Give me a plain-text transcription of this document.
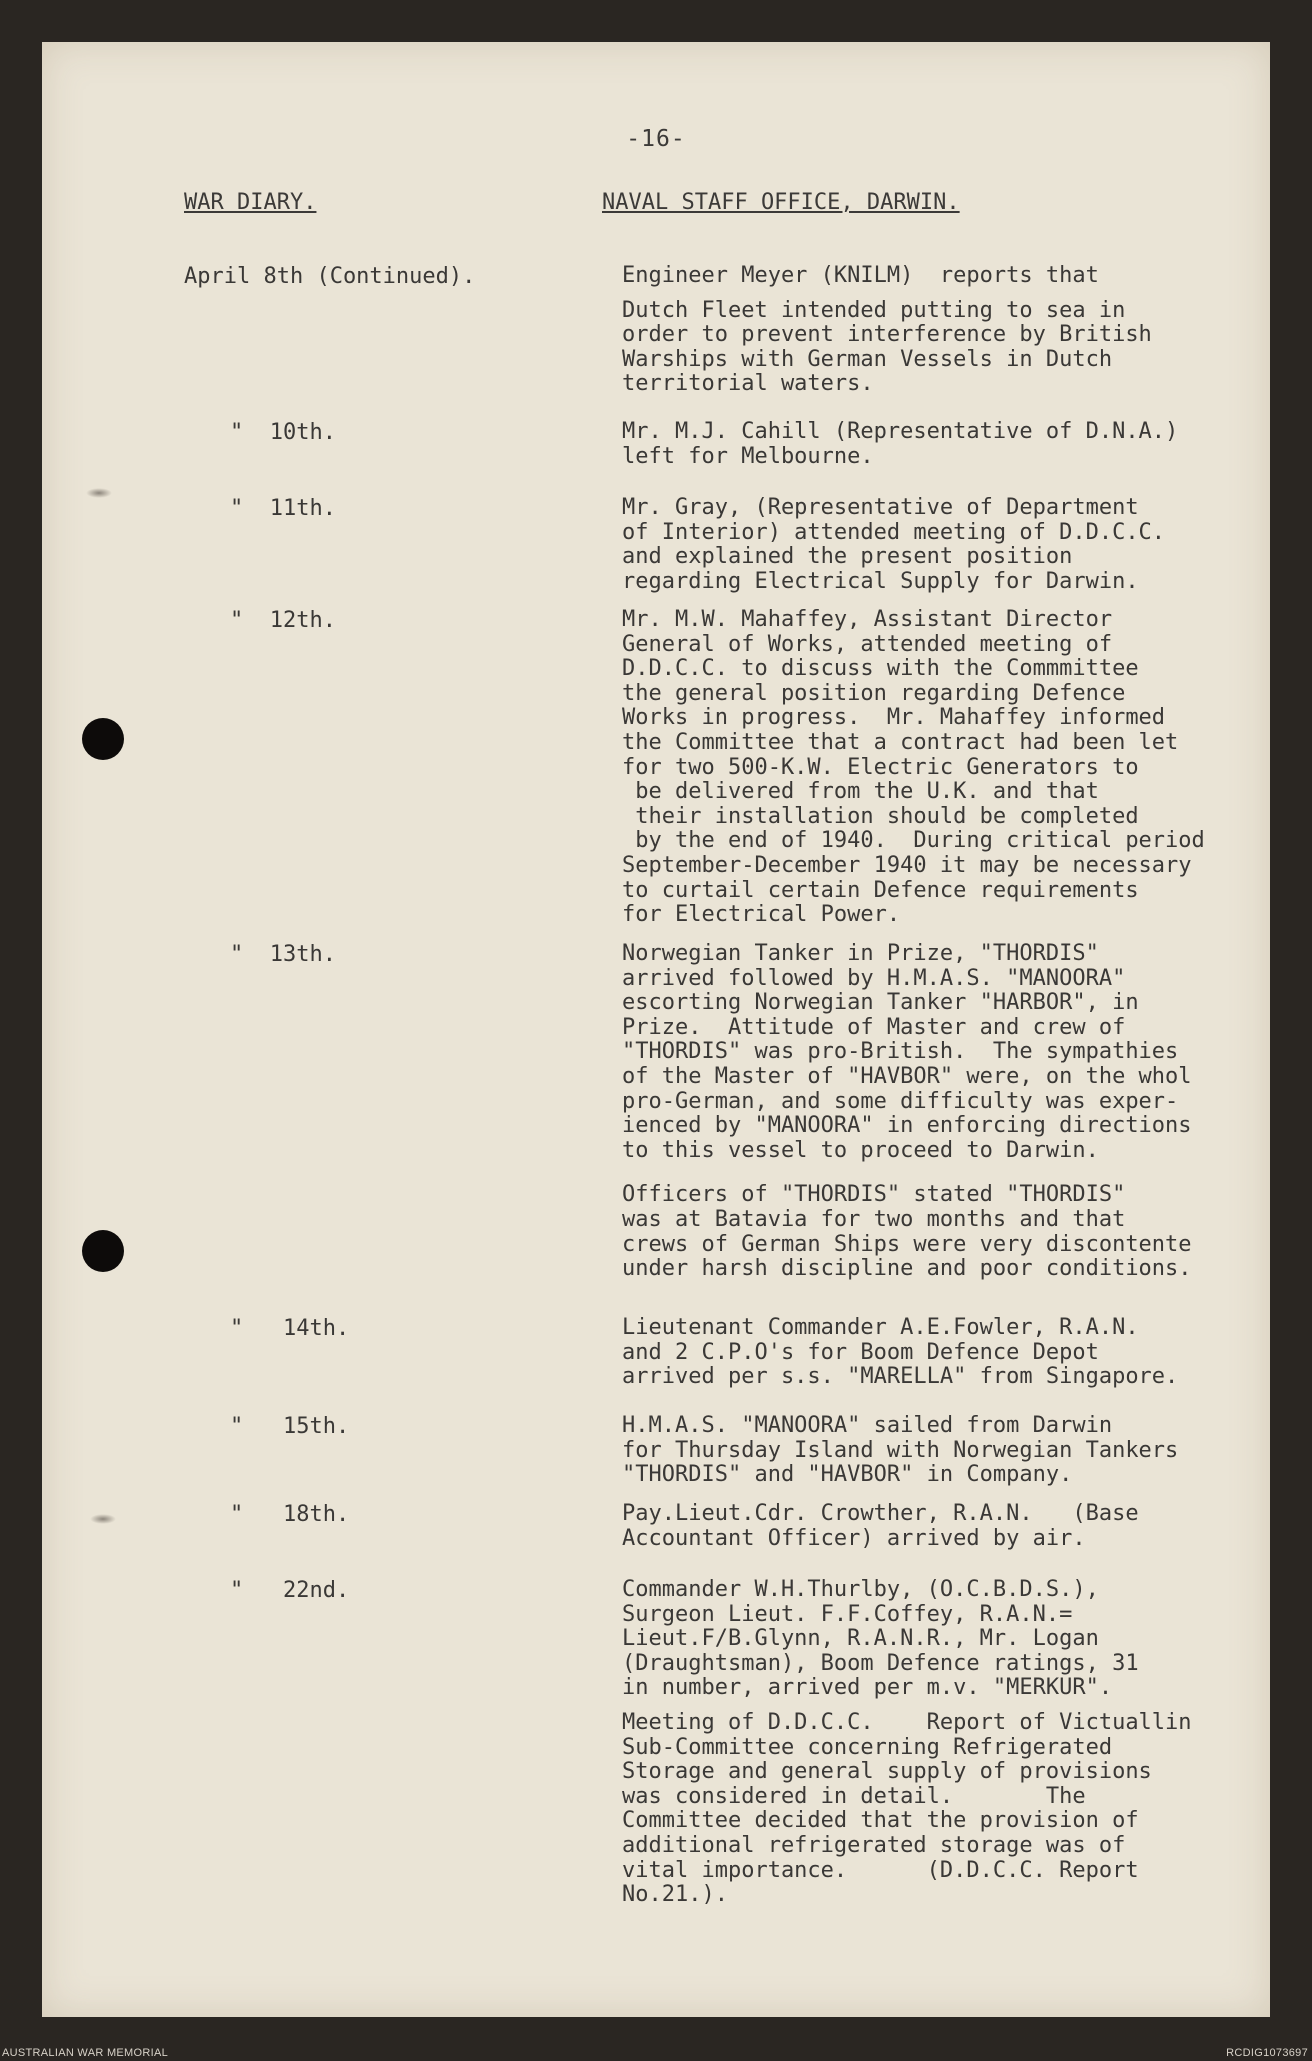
-16-
WAR DIARY.	NAVAL STAFF OFFICE, DARWIN.
April 8th (Continued).	Engineer Meyer (KNILM)  reports that

Dutch Fleet intended putting to sea in
order to prevent interference by British
Warships with German Vessels in Dutch
territorial waters.
"  10th.	Mr. M.J. Cahill (Representative of D.N.A.)
left for Melbourne.
"  11th.	Mr. Gray, (Representative of Department
of Interior) attended meeting of D.D.C.C.
and explained the present position
regarding Electrical Supply for Darwin.
"  12th.	Mr. M.W. Mahaffey, Assistant Director
General of Works, attended meeting of
D.D.C.C. to discuss with the Commmittee
the general position regarding Defence
Works in progress.  Mr. Mahaffey informed
the Committee that a contract had been let
for two 500-K.W. Electric Generators to
be delivered from the U.K. and that
their installation should be completed
by the end of 1940.  During critical period
September-December 1940 it may be necessary
to curtail certain Defence requirements
for Electrical Power.
"  13th.	Norwegian Tanker in Prize, "THORDIS"
arrived followed by H.M.A.S. "MANOORA"
escorting Norwegian Tanker "HARBOR", in
Prize.  Attitude of Master and crew of
"THORDIS" was pro-British.  The sympathies
of the Master of "HAVBOR" were, on the whol
pro-German, and some difficulty was exper-
ienced by "MANOORA" in enforcing directions
to this vessel to proceed to Darwin.

Officers of "THORDIS" stated "THORDIS"
was at Batavia for two months and that
crews of German Ships were very discontente
under harsh discipline and poor conditions.
"   14th.	Lieutenant Commander A.E.Fowler, R.A.N.
and 2 C.P.O's for Boom Defence Depot
arrived per s.s. "MARELLA" from Singapore.
"   15th.	H.M.A.S. "MANOORA" sailed from Darwin
for Thursday Island with Norwegian Tankers
"THORDIS" and "HAVBOR" in Company.
"   18th.	Pay.Lieut.Cdr. Crowther, R.A.N.   (Base
Accountant Officer) arrived by air.
"   22nd.	Commander W.H.Thurlby, (O.C.B.D.S.),
Surgeon Lieut. F.F.Coffey, R.A.N.=
Lieut.F/B.Glynn, R.A.N.R., Mr. Logan
(Draughtsman), Boom Defence ratings, 31
in number, arrived per m.v. "MERKUR".

Meeting of D.D.C.C.    Report of Victuallin
Sub-Committee concerning Refrigerated
Storage and general supply of provisions
was considered in detail.       The
Committee decided that the provision of
additional refrigerated storage was of
vital importance.      (D.D.C.C. Report
No.21.).
AUSTRALIAN WAR MEMORIAL	RCDIG1073697
